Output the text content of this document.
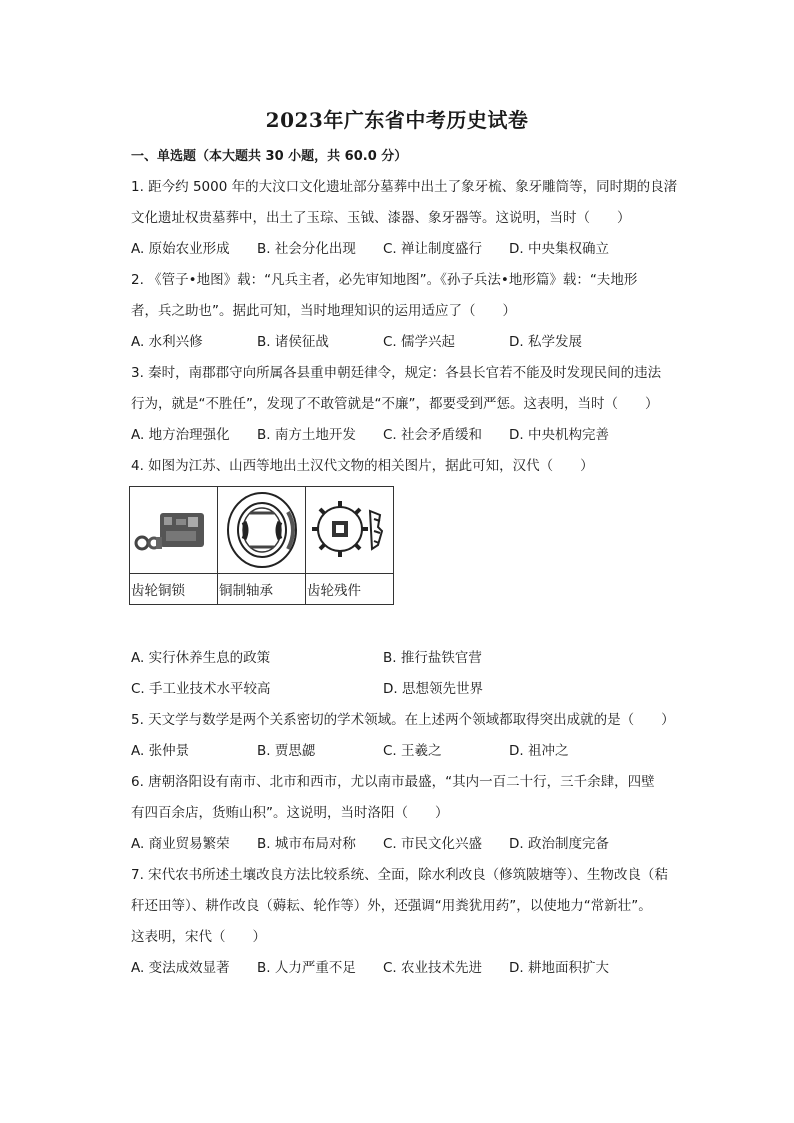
2023年广东省中考历史试卷
一、单选题（本大题共 30 小题，共 60.0 分）
1. 距今约 5000 年的大汶口文化遗址部分墓葬中出土了象牙梳、象牙雕筒等，同时期的良渚
文化遗址权贵墓葬中，出土了玉琮、玉钺、漆器、象牙器等。这说明，当时（　　）
A. 原始农业形成	B. 社会分化出现	C. 禅让制度盛行	D. 中央集权确立
2. 《管子•地图》载：“凡兵主者，必先审知地图”。《孙子兵法•地形篇》载：“夫地形
者，兵之助也”。据此可知，当时地理知识的运用适应了（　　）
A. 水利兴修	B. 诸侯征战	C. 儒学兴起	D. 私学发展
3. 秦时，南郡郡守向所属各县重申朝廷律令，规定：各县长官若不能及时发现民间的违法
行为，就是“不胜任”，发现了不敢管就是“不廉”，都要受到严惩。这表明，当时（　　）
A. 地方治理强化	B. 南方土地开发	C. 社会矛盾缓和	D. 中央机构完善
4. 如图为江苏、山西等地出土汉代文物的相关图片，据此可知，汉代（　　）

齿轮铜锁	铜制轴承	齿轮残件
A. 实行休养生息的政策	B. 推行盐铁官营
C. 手工业技术水平较高	D. 思想领先世界
5. 天文学与数学是两个关系密切的学术领域。在上述两个领域都取得突出成就的是（　　）
A. 张仲景	B. 贾思勰	C. 王羲之	D. 祖冲之
6. 唐朝洛阳设有南市、北市和西市，尤以南市最盛，“其内一百二十行，三千余肆，四壁
有四百余店，货贿山积”。这说明，当时洛阳（　　）
A. 商业贸易繁荣	B. 城市布局对称	C. 市民文化兴盛	D. 政治制度完备
7. 宋代农书所述土壤改良方法比较系统、全面，除水利改良（修筑陂塘等）、生物改良（秸
秆还田等）、耕作改良（薅耘、轮作等）外，还强调“用粪犹用药”，以使地力“常新壮”。
这表明，宋代（　　）
A. 变法成效显著	B. 人力严重不足	C. 农业技术先进	D. 耕地面积扩大
